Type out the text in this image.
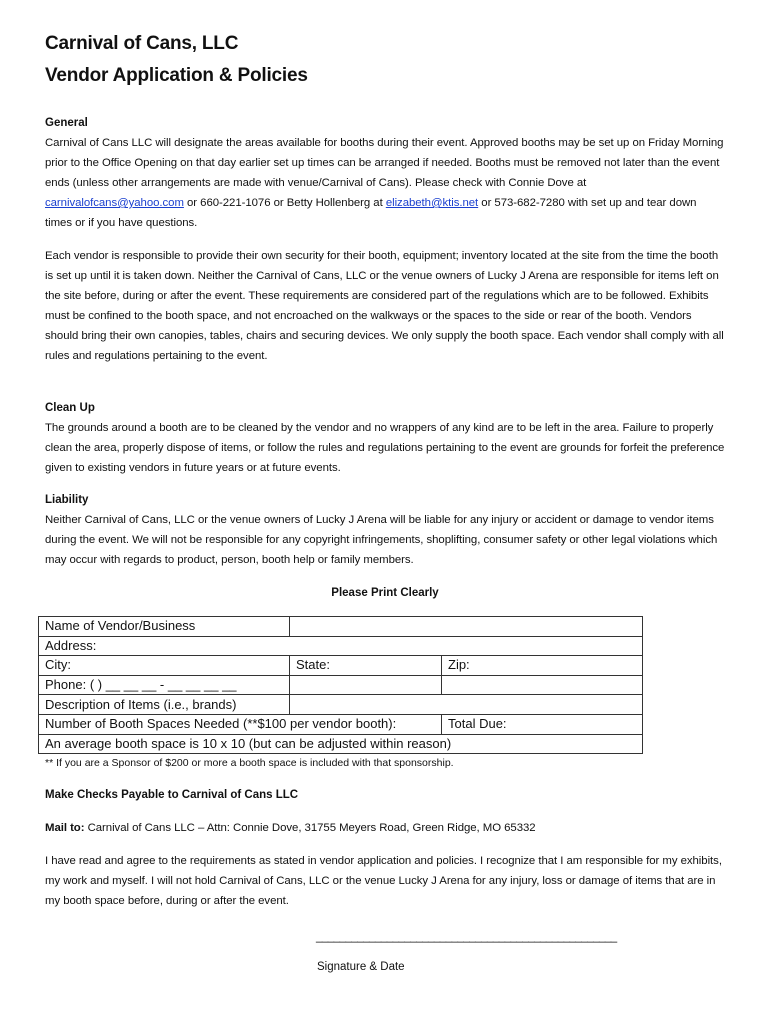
Carnival of Cans, LLC
Vendor Application & Policies
General
Carnival of Cans LLC will designate the areas available for booths during their event. Approved booths may be set up on Friday Morning prior to the Office Opening on that day earlier set up times can be arranged if needed. Booths must be removed not later than the event ends (unless other arrangements are made with venue/Carnival of Cans). Please check with Connie Dove at carnivalofcans@yahoo.com or 660-221-1076 or Betty Hollenberg at elizabeth@ktis.net or 573-682-7280 with set up and tear down times or if you have questions.
Each vendor is responsible to provide their own security for their booth, equipment; inventory located at the site from the time the booth is set up until it is taken down. Neither the Carnival of Cans, LLC or the venue owners of Lucky J Arena are responsible for items left on the site before, during or after the event. These requirements are considered part of the regulations which are to be followed. Exhibits must be confined to the booth space, and not encroached on the walkways or the spaces to the side or rear of the booth. Vendors should bring their own canopies, tables, chairs and securing devices. We only supply the booth space. Each vendor shall comply with all rules and regulations pertaining to the event.
Clean Up
The grounds around a booth are to be cleaned by the vendor and no wrappers of any kind are to be left in the area. Failure to properly clean the area, properly dispose of items, or follow the rules and regulations pertaining to the event are grounds for forfeit the preference given to existing vendors in future years or at future events.
Liability
Neither Carnival of Cans, LLC or the venue owners of Lucky J Arena will be liable for any injury or accident or damage to vendor items during the event. We will not be responsible for any copyright infringements, shoplifting, consumer safety or other legal violations which may occur with regards to product, person, booth help or family members.
Please Print Clearly
Name of Vendor/Business		
Address:		
City:	State:	Zip:
Phone: ( ) __ __ __ - __ __ __ __		
Description of Items (i.e., brands)		
Number of Booth Spaces Needed (**$100 per vendor booth):		Total Due:
An average booth space is 10 x 10 (but can be adjusted within reason)		
** If you are a Sponsor of $200 or more a booth space is included with that sponsorship.
Make Checks Payable to Carnival of Cans LLC
Mail to: Carnival of Cans LLC – Attn: Connie Dove, 31755 Meyers Road, Green Ridge, MO 65332
I have read and agree to the requirements as stated in vendor application and policies. I recognize that I am responsible for my exhibits, my work and myself. I will not hold Carnival of Cans, LLC or the venue Lucky J Arena for any injury, loss or damage of items that are in my booth space before, during or after the event.
___________________________________________________
Signature & Date
